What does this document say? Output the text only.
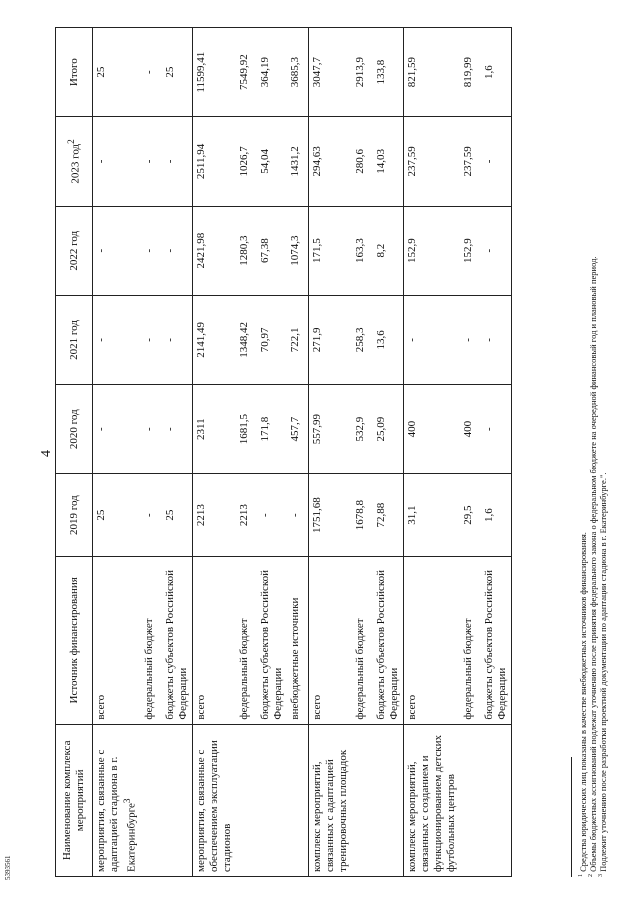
4
Наименование комплекса мероприятий	Источник финансирования	2019 год	2020 год	2021 год	2022 год	2023 год$^2$	Итого
мероприятия, связанные с адаптацией стадиона в г. Екатеринбурге$^3$	всего	25	-	-	-	-	25
	федеральный бюджет	-	-	-	-	-	-
	бюджеты субъектов Российской Федерации	25	-	-	-	-	25
мероприятия, связанные с обеспечением эксплуатации стадионов	всего	2213	2311	2141,49	2421,98	2511,94	11599,41
	федеральный бюджет	2213	1681,5	1348,42	1280,3	1026,7	7549,92
	бюджеты субъектов Российской Федерации	-	171,8	70,97	67,38	54,04	364,19
	внебюджетные источники	-	457,7	722,1	1074,3	1431,2	3685,3
комплекс мероприятий, связанных с адаптацией тренировочных площадок	всего	1751,68	557,99	271,9	171,5	294,63	3047,7
	федеральный бюджет	1678,8	532,9	258,3	163,3	280,6	2913,9
	бюджеты субъектов Российской Федерации	72,88	25,09	13,6	8,2	14,03	133,8
комплекс мероприятий, связанных с созданием и функционированием детских футбольных центров	всего	31,1	400	-	152,9	237,59	821,59
	федеральный бюджет	29,5	400	-	152,9	237,59	819,99
	бюджеты субъектов Российской Федерации	1,6	-	-	-	-	1,6
$^1$ Средства юридических лиц показаны в качестве внебюджетных источников финансирования.
$^2$ Объемы бюджетных ассигнований подлежат уточнению после принятия федерального закона о федеральном бюджете на очередной финансовый год и плановый период.
$^3$ Подлежит уточнению после разработки проектной документации по адаптации стадиона в г. Екатеринбурге.".
5393561
